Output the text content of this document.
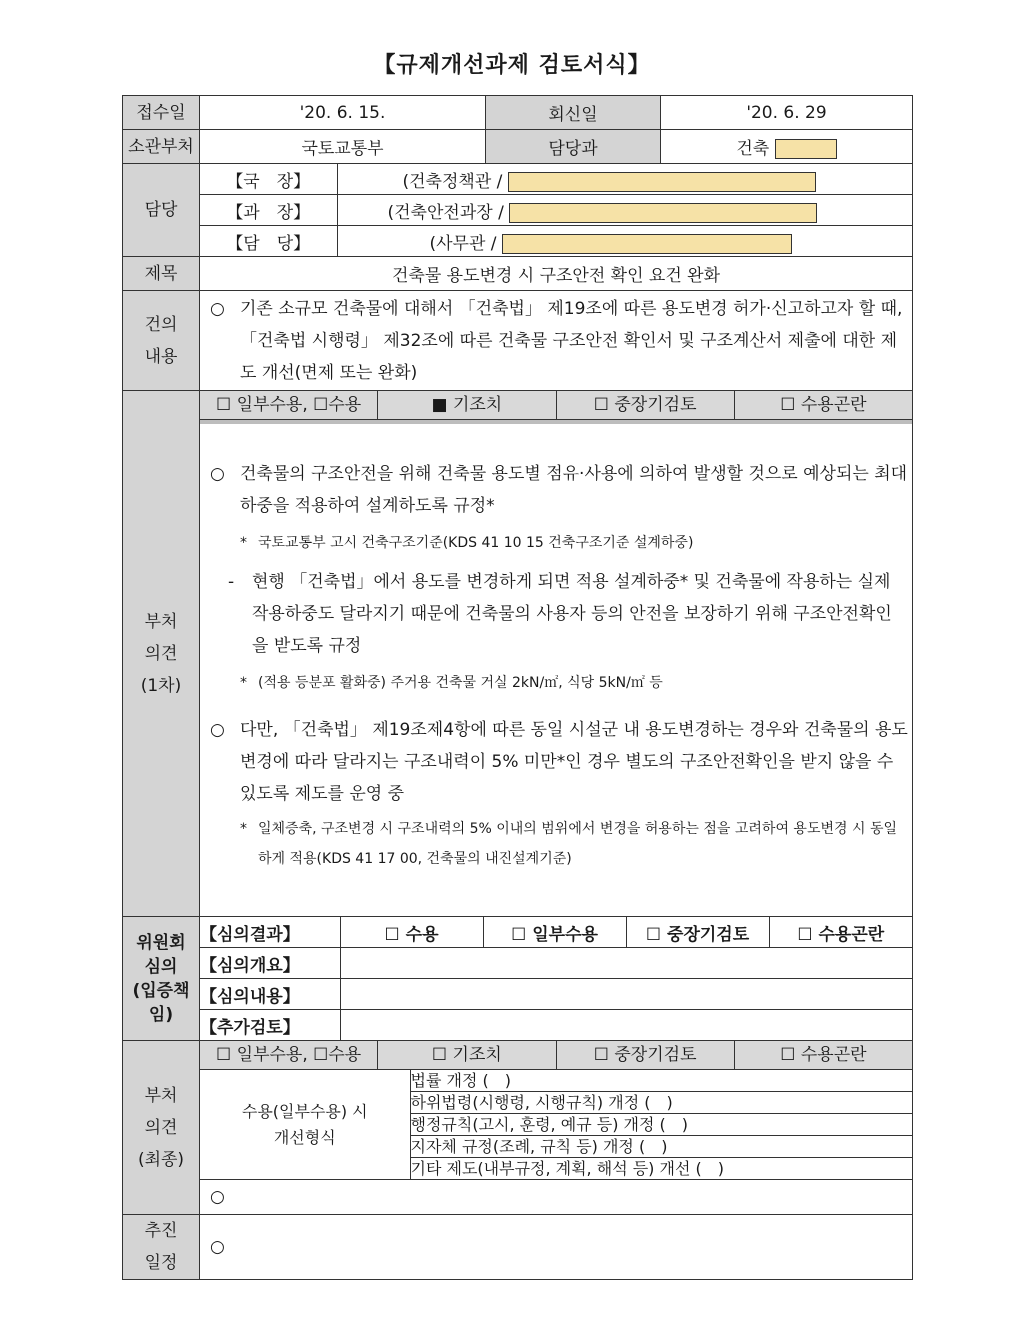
【규제개선과제 검토서식】
접수일	'20. 6. 15.	회신일	'20. 6. 29
소관부처	국토교통부	담당과	건축
담당	
【국　장】	(건축정책관 /
【과　장】	(건축안전과장 /
【담　당】	(사무관 /

제목	건축물 용도변경 시 구조안전 확인 요건 완화
건의
내용	
○ 기존 소규모 건축물에 대해서 「건축법」 제19조에 따른 용도변경 허가·신고하고자 할 때, 「건축법 시행령」 제32조에 따른 건축물 구조안전 확인서 및 구조계산서 제출에 대한 제도 개선(면제 또는 완화)

부처
의견
(1차)	
☐ 일부수용, ☐수용	■ 기조치	☐ 중장기검토	☐ 수용곤란
○ 건축물의 구조안전을 위해 건축물 용도별 점유·사용에 의하여 발생할 것으로 예상되는 최대하중을 적용하여 설계하도록 규정*
* 국토교통부 고시 건축구조기준(KDS 41 10 15 건축구조기준 설계하중)
- 현행 「건축법」에서 용도를 변경하게 되면 적용 설계하중* 및 건축물에 작용하는 실제 작용하중도 달라지기 때문에 건축물의 사용자 등의 안전을 보장하기 위해 구조안전확인을 받도록 규정
* (적용 등분포 활화중) 주거용 건축물 거실 2kN/㎡, 식당 5kN/㎡ 등
○ 다만, 「건축법」 제19조제4항에 따른 동일 시설군 내 용도변경하는 경우와 건축물의 용도변경에 따라 달라지는 구조내력이 5% 미만*인 경우 별도의 구조안전확인을 받지 않을 수 있도록 제도를 운영 중
* 일체증축, 구조변경 시 구조내력의 5% 이내의 범위에서 변경을 허용하는 점을 고려하여 용도변경 시 동일하게 적용(KDS 41 17 00, 건축물의 내진설계기준)

위원회
심의
(입증책임)	
【심의결과】	☐ 수용	☐ 일부수용	☐ 중장기검토	☐ 수용곤란
【심의개요】	
【심의내용】	
【추가검토】	

부처
의견
(최종)	
☐ 일부수용, ☐수용	☐ 기조치	☐ 중장기검토	☐ 수용곤란
수용(일부수용) 시
개선형식	법률 개정 (　)
하위법령(시행령, 시행규칙) 개정 (　)
행정규칙(고시, 훈령, 예규 등) 개정 (　)
지자체 규정(조례, 규칙 등) 개정 (　)
기타 제도(내부규정, 계획, 해석 등) 개선 (　)
○

추진
일정	○
